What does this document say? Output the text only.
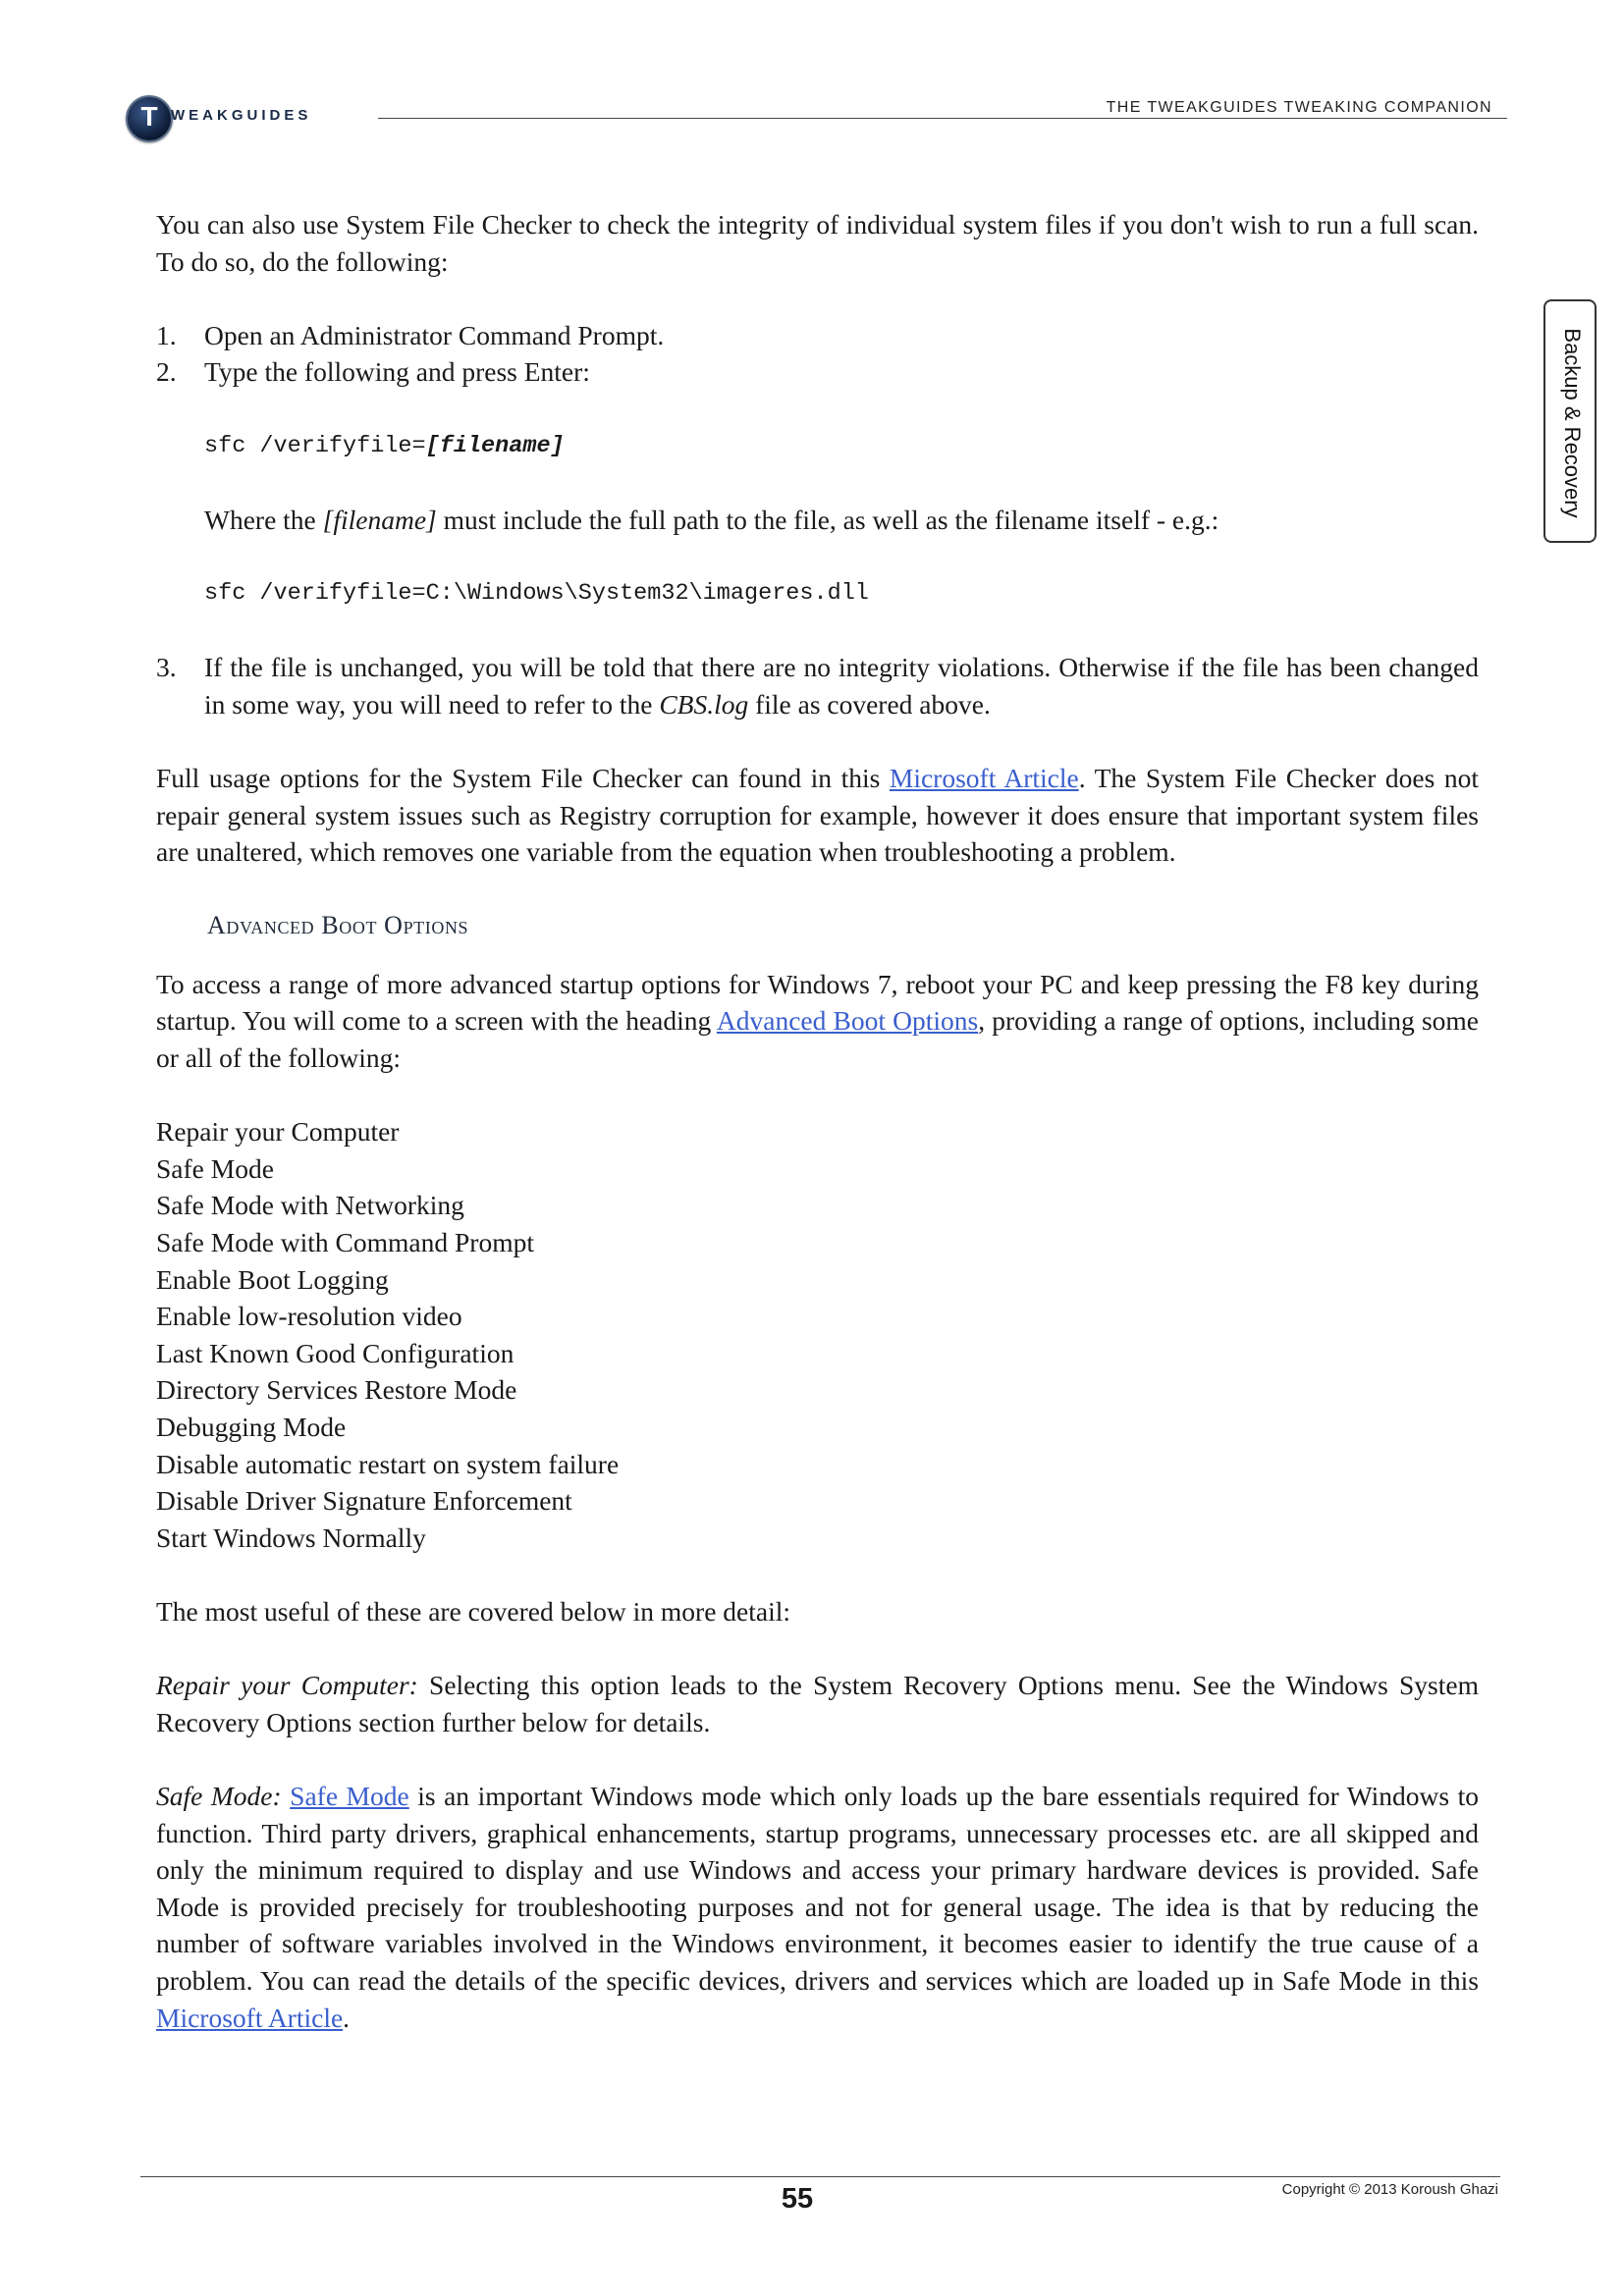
T WEAKGUIDES	THE TWEAKGUIDES TWEAKING COMPANION
Backup & Recovery

You can also use System File Checker to check the integrity of individual system files if you don't wish to run a full scan. To do so, do the following:

1. Open an Administrator Command Prompt.
2. Type the following and press Enter:
sfc /verifyfile=[filename]

Where the [filename] must include the full path to the file, as well as the filename itself - e.g.:

sfc /verifyfile=C:\Windows\System32\imageres.dll
3. If the file is unchanged, you will be told that there are no integrity violations. Otherwise if the file has been changed in some way, you will need to refer to the CBS.log file as covered above.

Full usage options for the System File Checker can found in this Microsoft Article. The System File Checker does not repair general system issues such as Registry corruption for example, however it does ensure that important system files are unaltered, which removes one variable from the equation when troubleshooting a problem.

Advanced Boot Options

To access a range of more advanced startup options for Windows 7, reboot your PC and keep pressing the F8 key during startup. You will come to a screen with the heading Advanced Boot Options, providing a range of options, including some or all of the following:

Repair your Computer
Safe Mode
Safe Mode with Networking
Safe Mode with Command Prompt
Enable Boot Logging
Enable low-resolution video
Last Known Good Configuration
Directory Services Restore Mode
Debugging Mode
Disable automatic restart on system failure
Disable Driver Signature Enforcement
Start Windows Normally

The most useful of these are covered below in more detail:

Repair your Computer: Selecting this option leads to the System Recovery Options menu. See the Windows System Recovery Options section further below for details.

Safe Mode: Safe Mode is an important Windows mode which only loads up the bare essentials required for Windows to function. Third party drivers, graphical enhancements, startup programs, unnecessary processes etc. are all skipped and only the minimum required to display and use Windows and access your primary hardware devices is provided. Safe Mode is provided precisely for troubleshooting purposes and not for general usage. The idea is that by reducing the number of software variables involved in the Windows environment, it becomes easier to identify the true cause of a problem. You can read the details of the specific devices, drivers and services which are loaded up in Safe Mode in this Microsoft Article.

55	Copyright © 2013 Koroush Ghazi
